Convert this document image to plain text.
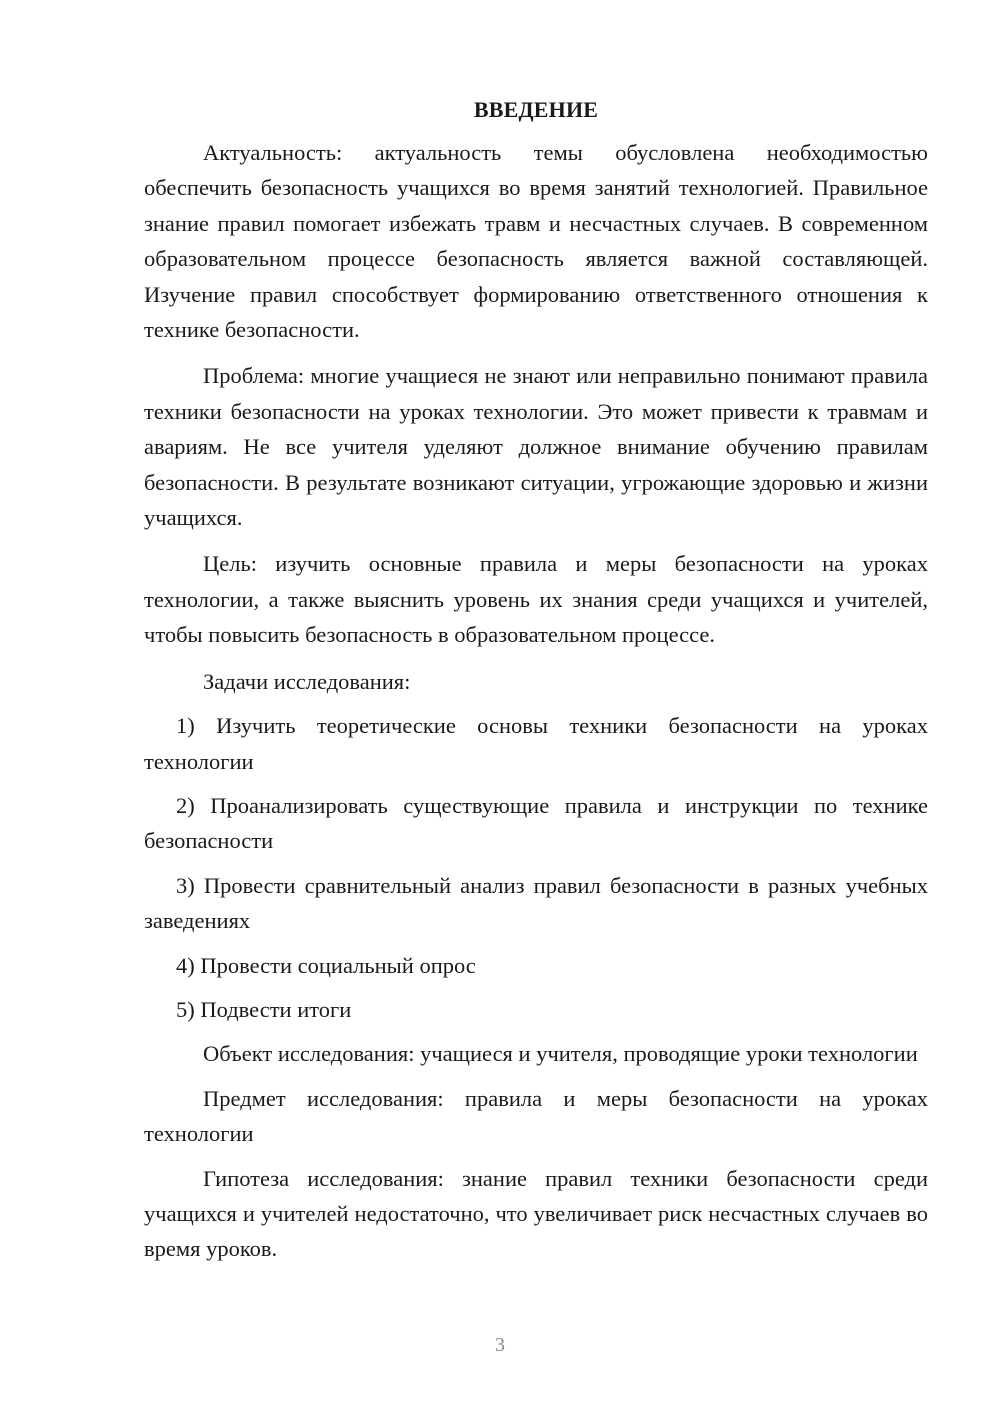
ВВЕДЕНИЕ

Актуальность: актуальность темы обусловлена необходимостью обеспечить безопасность учащихся во время занятий технологией. Правильное знание правил помогает избежать травм и несчастных случаев. В современном образовательном процессе безопасность является важной составляющей. Изучение правил способствует формированию ответственного отношения к технике безопасности.

Проблема: многие учащиеся не знают или неправильно понимают правила техники безопасности на уроках технологии. Это может привести к травмам и авариям. Не все учителя уделяют должное внимание обучению правилам безопасности. В результате возникают ситуации, угрожающие здоровью и жизни учащихся.

Цель: изучить основные правила и меры безопасности на уроках технологии, а также выяснить уровень их знания среди учащихся и учителей, чтобы повысить безопасность в образовательном процессе.

Задачи исследования:

1) Изучить теоретические основы техники безопасности на уроках технологии

2) Проанализировать существующие правила и инструкции по технике безопасности

3) Провести сравнительный анализ правил безопасности в разных учебных заведениях

4) Провести социальный опрос

5) Подвести итоги

Объект исследования: учащиеся и учителя, проводящие уроки технологии

Предмет исследования: правила и меры безопасности на уроках технологии

Гипотеза исследования: знание правил техники безопасности среди учащихся и учителей недостаточно, что увеличивает риск несчастных случаев во время уроков.

3
